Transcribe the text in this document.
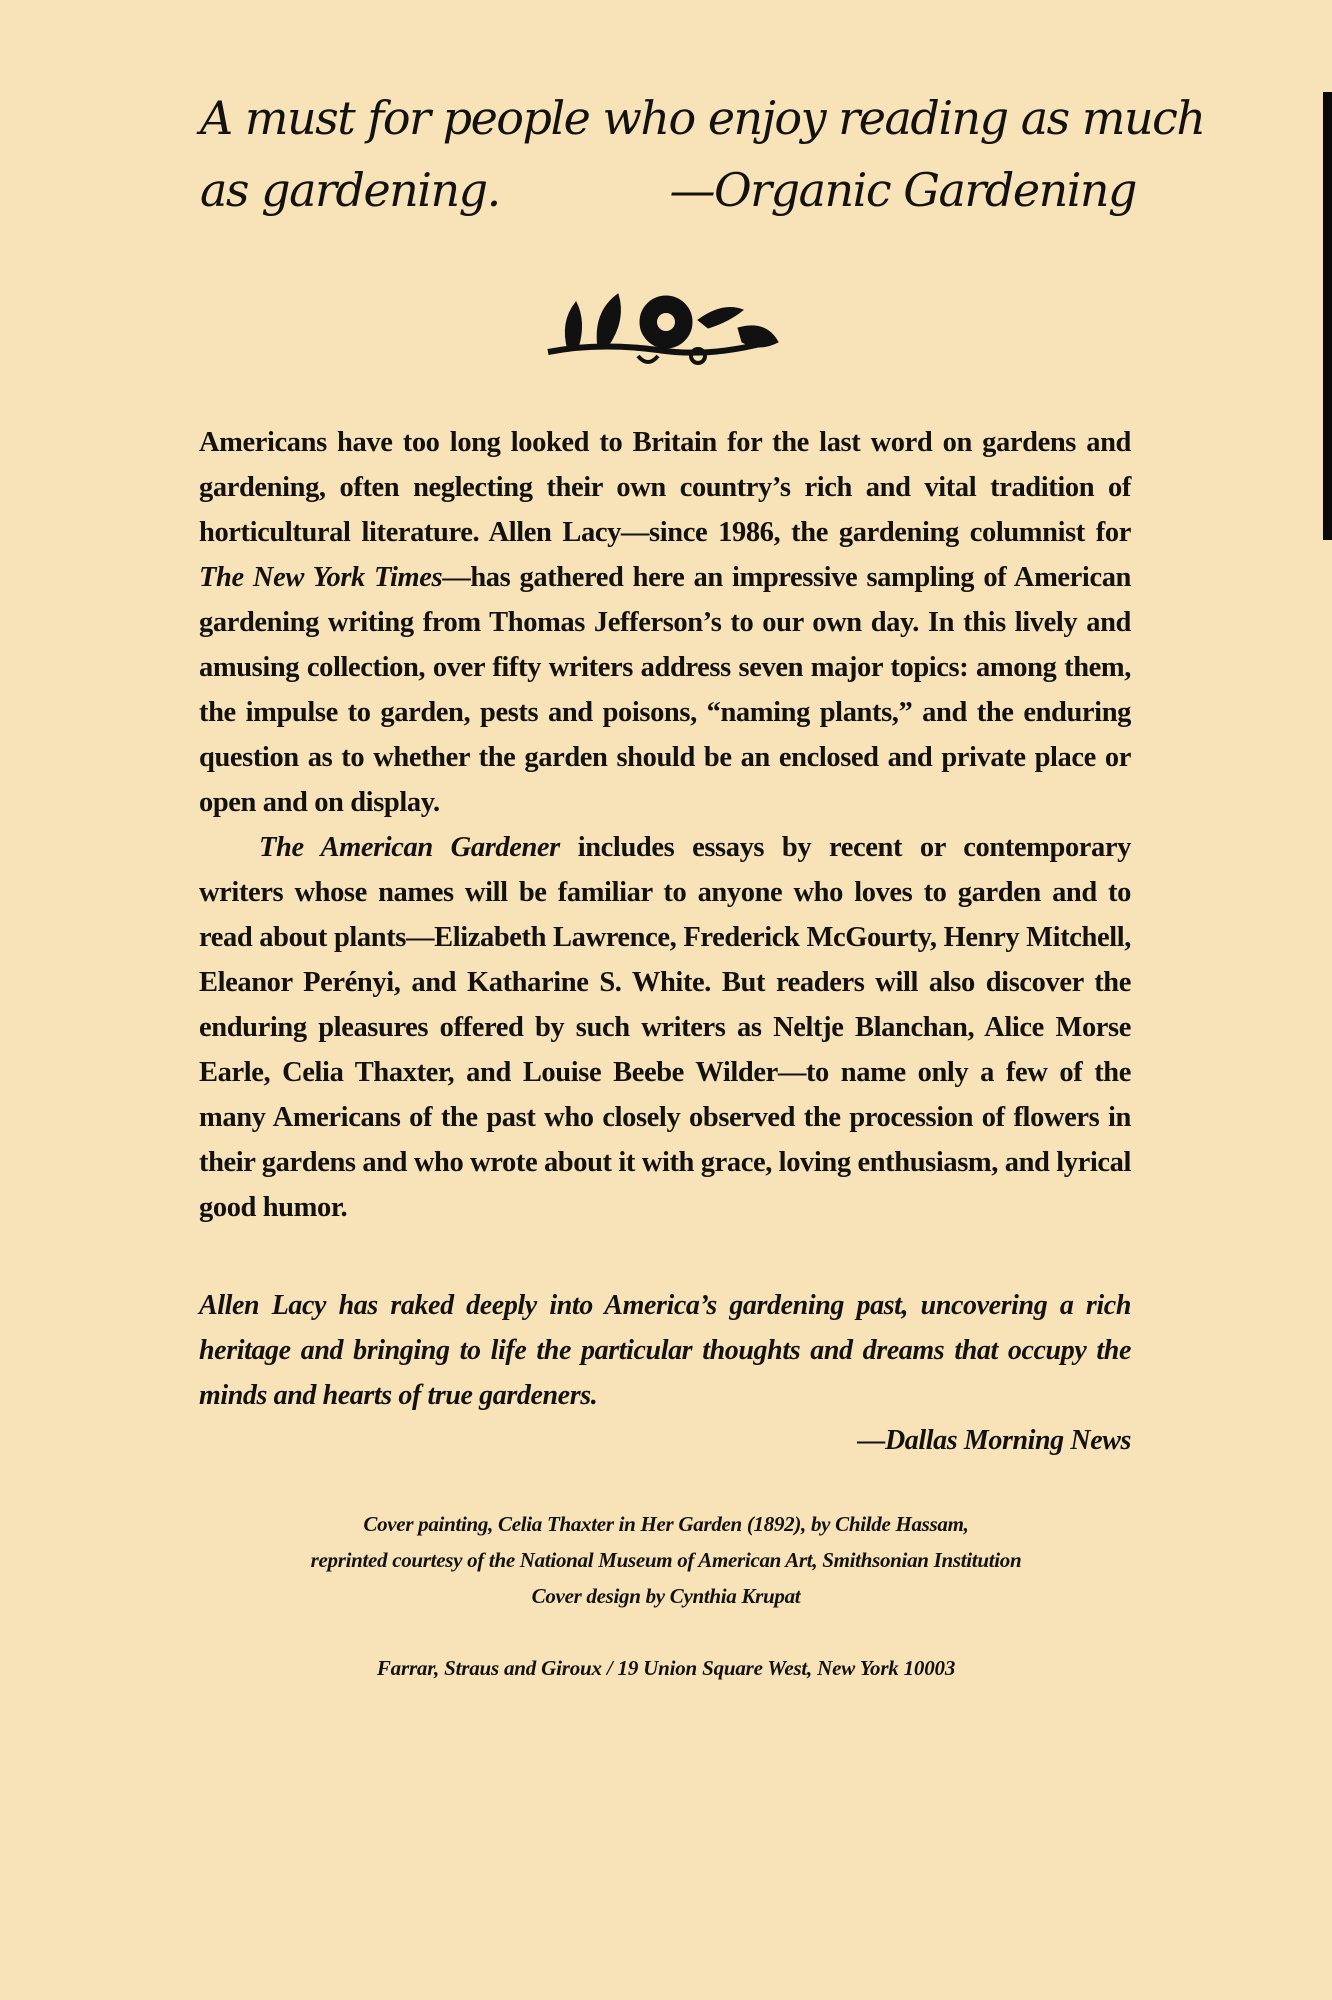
A must for people who enjoy reading as much
as gardening.	—Organic Gardening

Americans have too long looked to Britain for the last word on gardens and gardening, often neglecting their own country’s rich and vital tradition of horticultural literature. Allen Lacy—since 1986, the gardening columnist for The New York Times—has gathered here an impressive sampling of American gardening writing from Thomas Jefferson’s to our own day. In this lively and amusing collection, over fifty writers address seven major topics: among them, the impulse to garden, pests and poisons, “naming plants,” and the enduring question as to whether the garden should be an enclosed and private place or open and on display.

The American Gardener includes essays by recent or contemporary writers whose names will be familiar to anyone who loves to garden and to read about plants—Elizabeth Lawrence, Frederick McGourty, Henry Mitchell, Eleanor Perényi, and Katharine S. White. But readers will also discover the enduring pleasures offered by such writers as Neltje Blanchan, Alice Morse Earle, Celia Thaxter, and Louise Beebe Wilder—to name only a few of the many Americans of the past who closely observed the procession of flowers in their gardens and who wrote about it with grace, loving enthusiasm, and lyrical good humor.

Allen Lacy has raked deeply into America’s gardening past, uncovering a rich heritage and bringing to life the particular thoughts and dreams that occupy the minds and hearts of true gardeners.
—Dallas Morning News
Cover painting, Celia Thaxter in Her Garden (1892), by Childe Hassam,
reprinted courtesy of the National Museum of American Art, Smithsonian Institution
Cover design by Cynthia Krupat
Farrar, Straus and Giroux / 19 Union Square West, New York 10003
